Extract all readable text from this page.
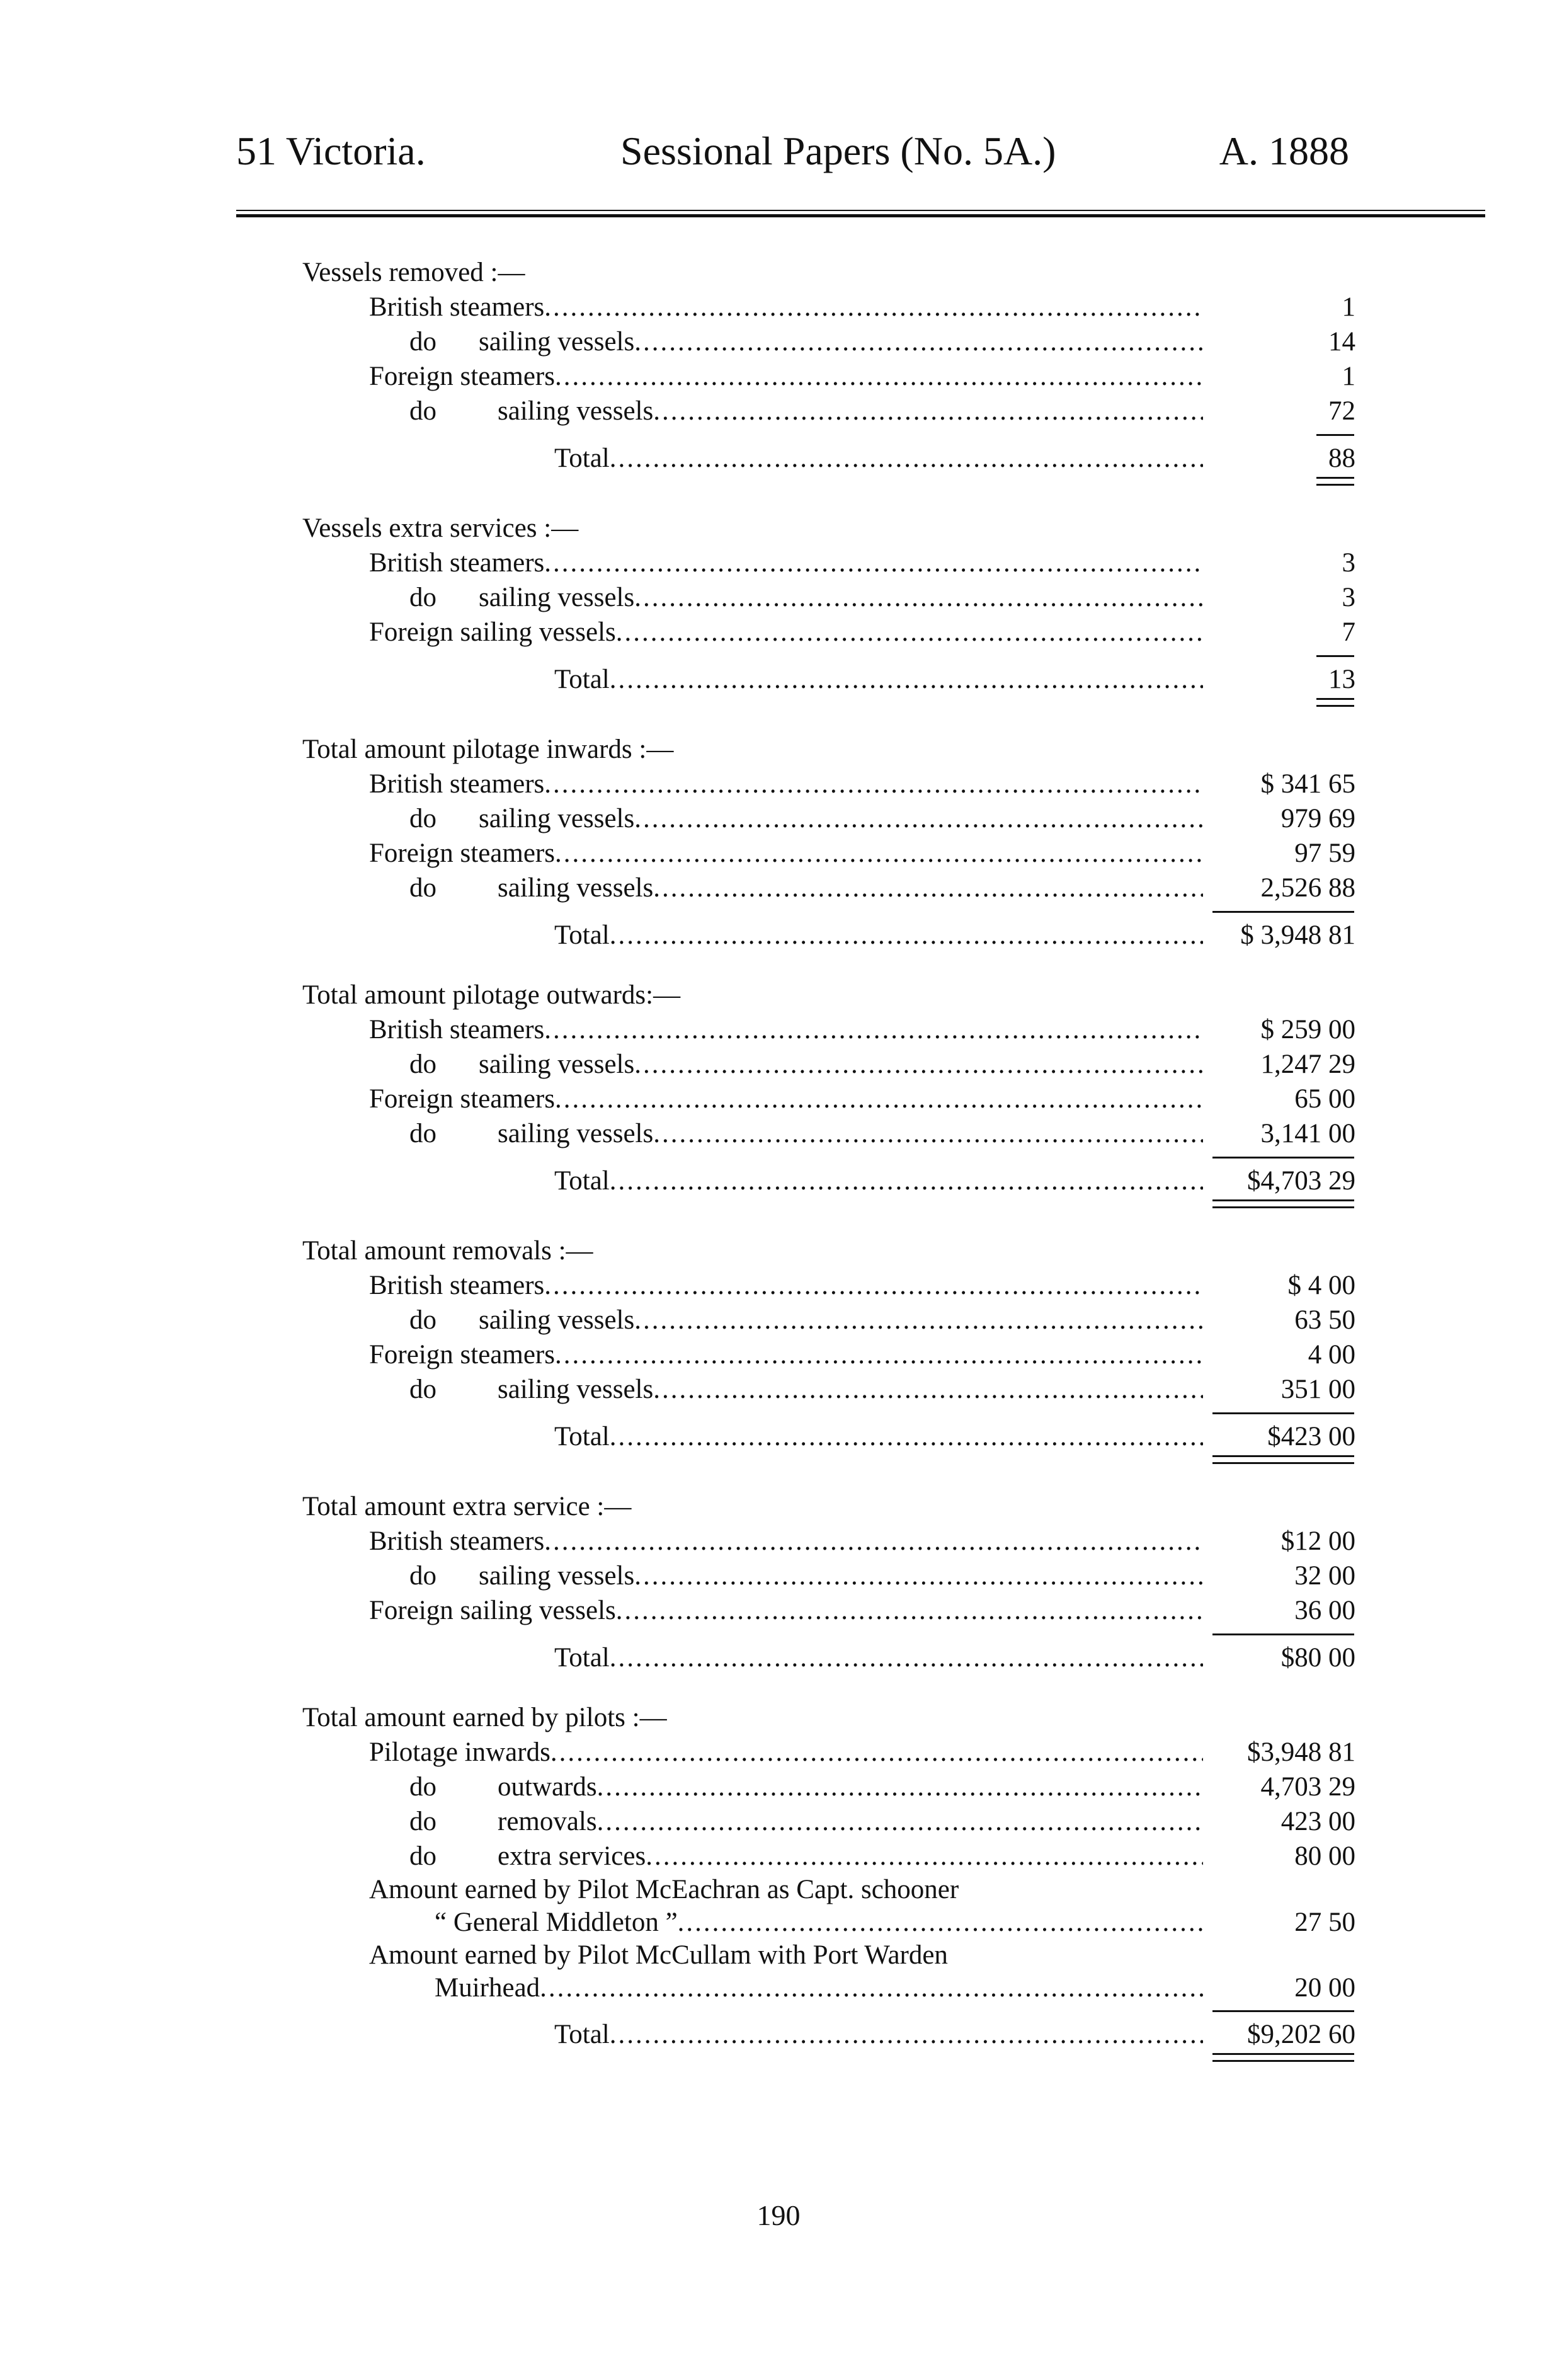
51 Victoria.	Sessional Papers (No. 5A.)	A. 1888
Vessels removed :—
British steamers .....	1
do sailing vessels .....	14
Foreign steamers .....	1
do sailing vessels .....	72
Total .....	88
Vessels extra services :—
British steamers .....	3
do sailing vessels .....	3
Foreign sailing vessels .....	7
Total .....	13
Total amount pilotage inwards :—
British steamers .....	$ 341 65
do sailing vessels .....	979 69
Foreign steamers .....	97 59
do sailing vessels .....	2,526 88
Total .....	$ 3,948 81
Total amount pilotage outwards:—
British steamers .....	$ 259 00
do sailing vessels .....	1,247 29
Foreign steamers .....	65 00
do sailing vessels .....	3,141 00
Total .....	$4,703 29
Total amount removals :—
British steamers .....	$ 4 00
do sailing vessels .....	63 50
Foreign steamers .....	4 00
do sailing vessels .....	351 00
Total .....	$423 00
Total amount extra service :—
British steamers .....	$12 00
do sailing vessels .....	32 00
Foreign sailing vessels .....	36 00
Total .....	$80 00
Total amount earned by pilots :—
Pilotage inwards .....	$3,948 81
do outwards .....	4,703 29
do removals .....	423 00
do extra services .....	80 00
Amount earned by Pilot McEachran as Capt. schooner
“ General Middleton ” .....	27 50
Amount earned by Pilot McCullam with Port Warden
Muirhead .....	20 00
Total .....	$9,202 60
190
